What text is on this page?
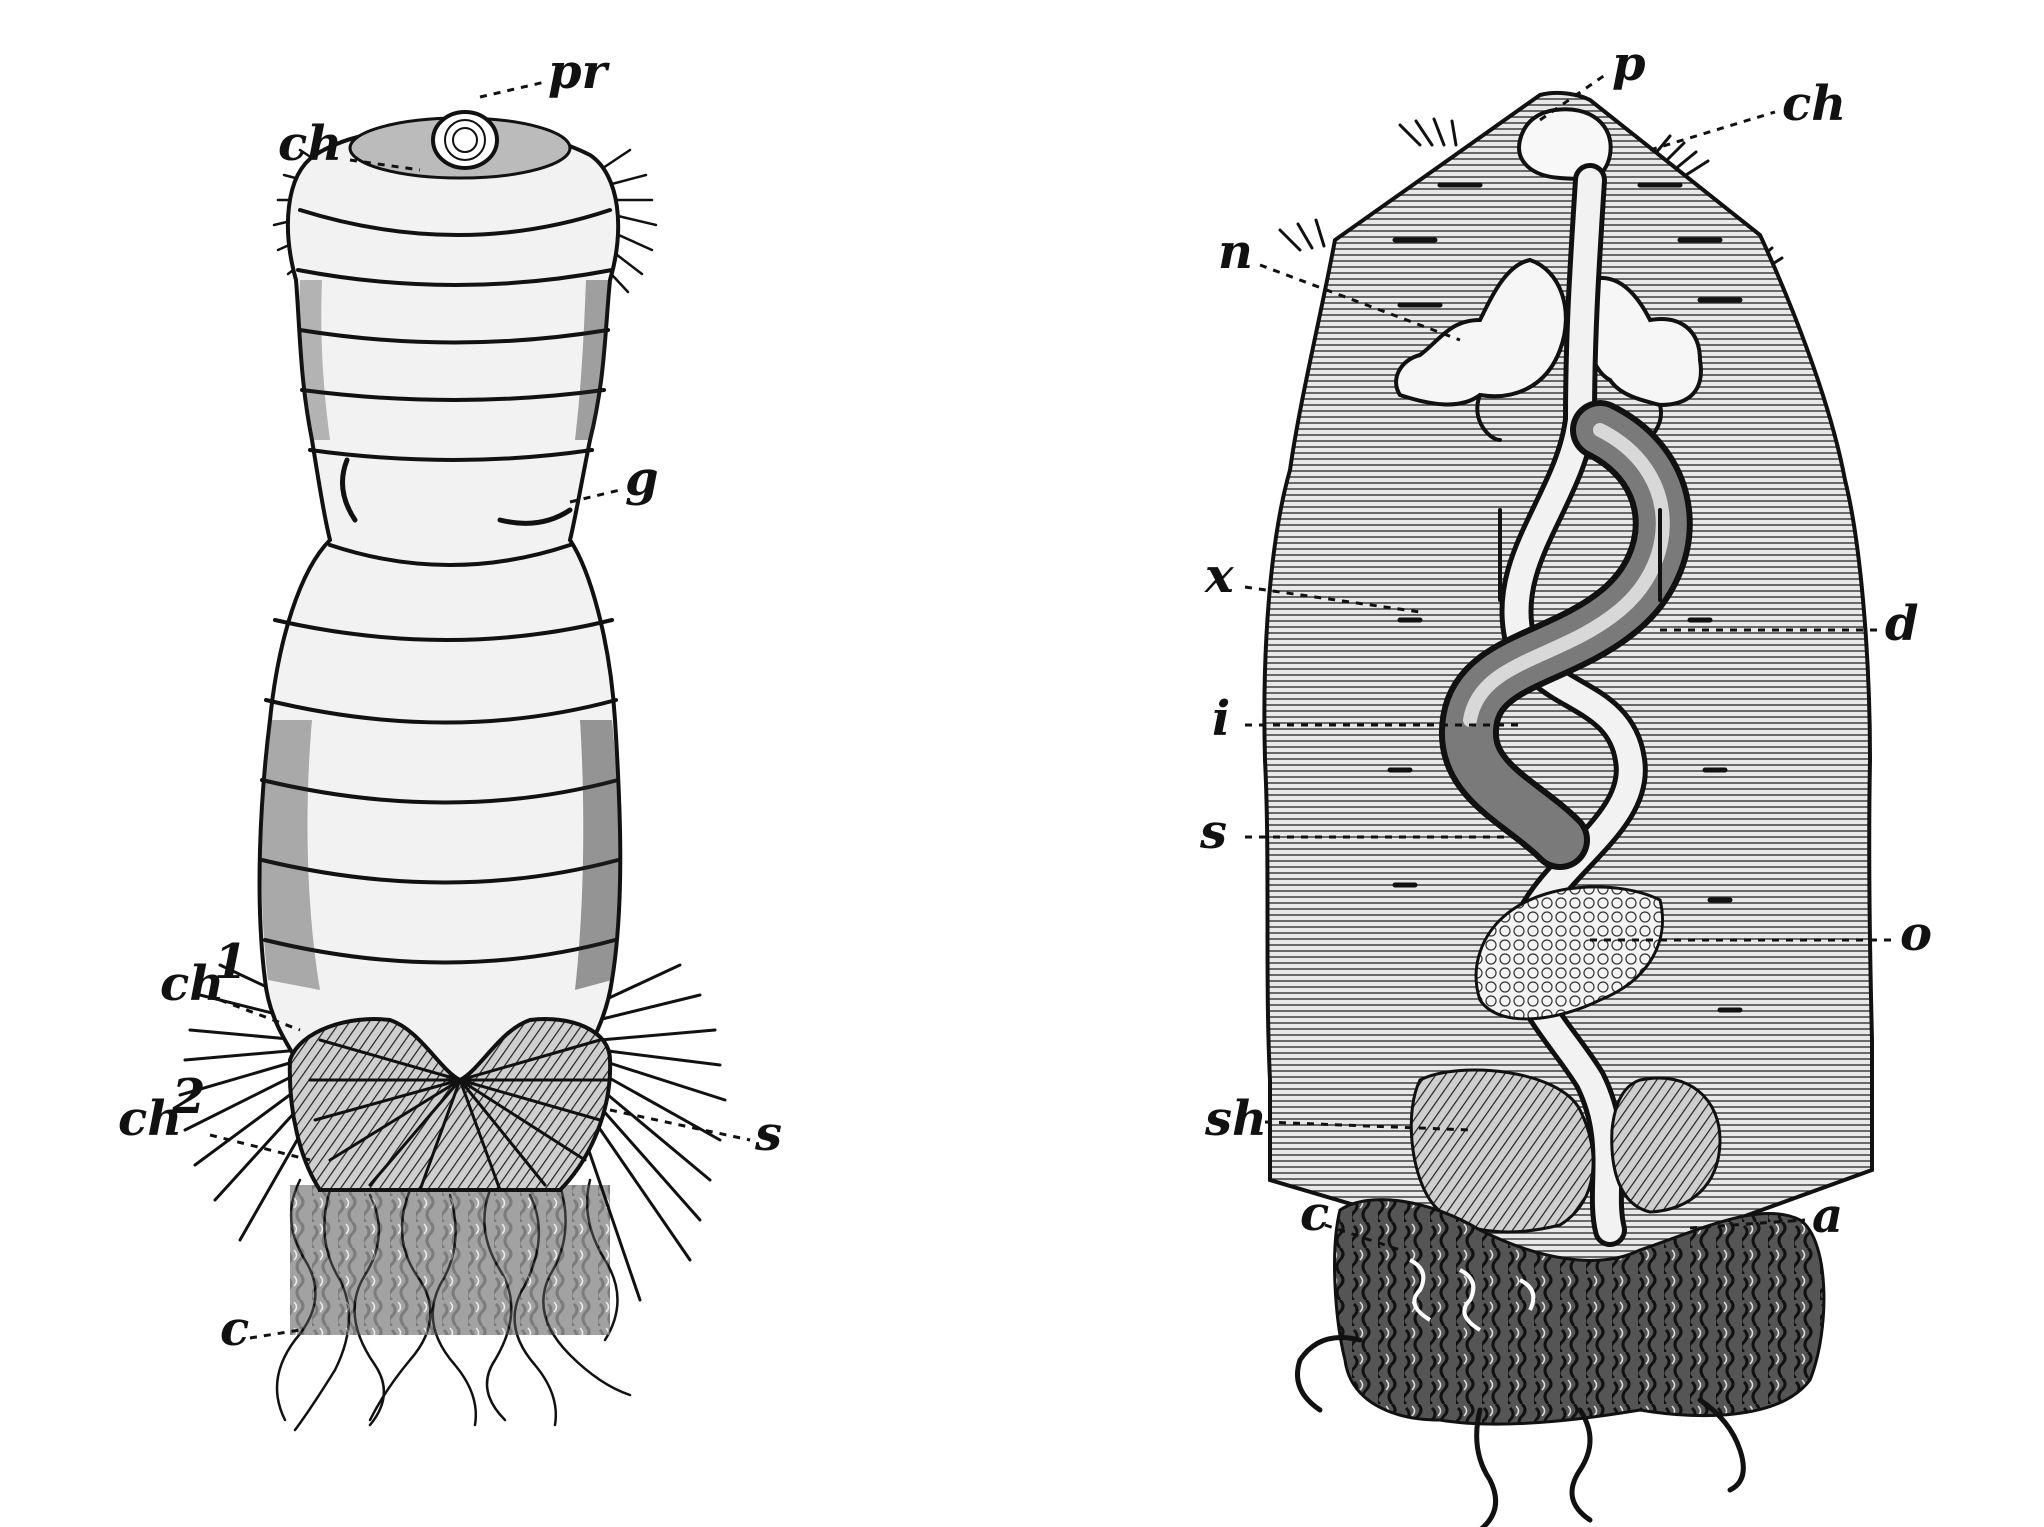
pr
ch
g
ch
1
ch
2
s
c
p
ch
n
x
d
i
s
o
sh
c	a
